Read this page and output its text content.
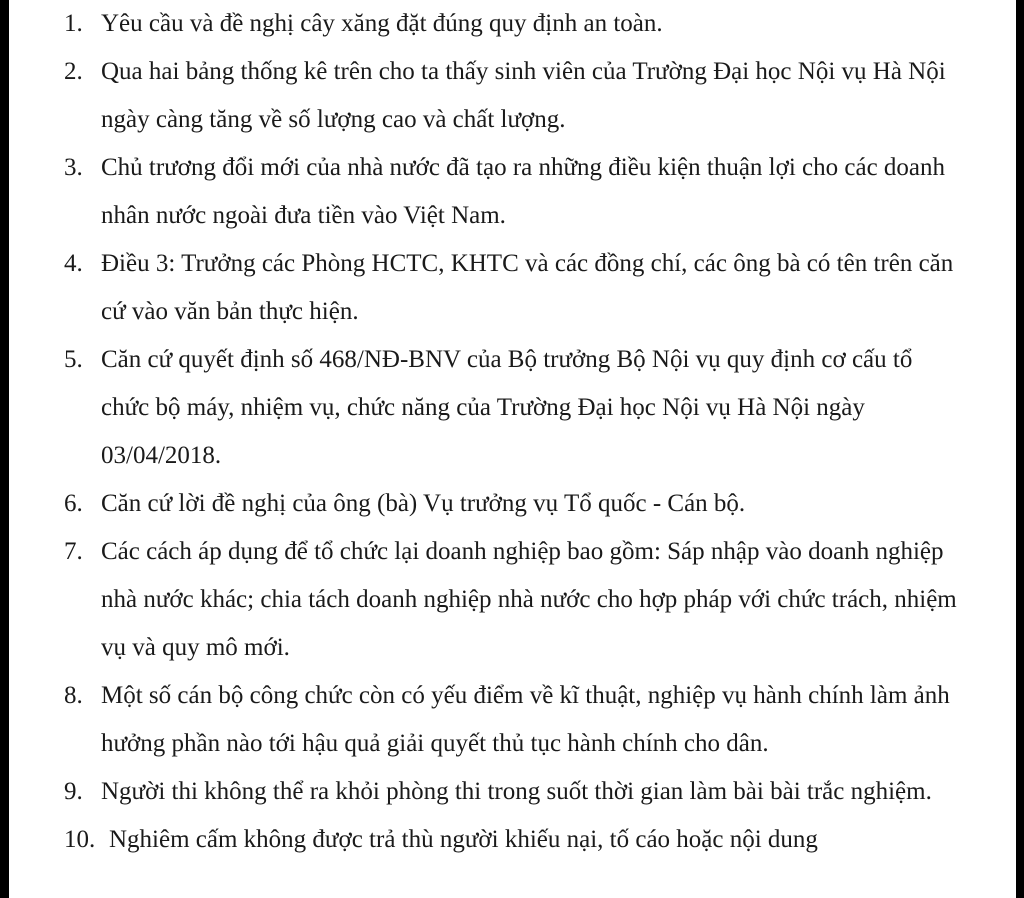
1. Yêu cầu và đề nghị cây xăng đặt đúng quy định an toàn.
2. Qua hai bảng thống kê trên cho ta thấy sinh viên của Trường Đại học Nội vụ Hà Nội ngày càng tăng về số lượng cao và chất lượng.
3. Chủ trương đổi mới của nhà nước đã tạo ra những điều kiện thuận lợi cho các doanh nhân nước ngoài đưa tiền vào Việt Nam.
4. Điều 3: Trưởng các Phòng HCTC, KHTC và các đồng chí, các ông bà có tên trên căn cứ vào văn bản thực hiện.
5. Căn cứ quyết định số 468/NĐ-BNV của Bộ trưởng Bộ Nội vụ quy định cơ cấu tổ chức bộ máy, nhiệm vụ, chức năng của Trường Đại học Nội vụ Hà Nội ngày 03/04/2018.
6. Căn cứ lời đề nghị của ông (bà) Vụ trưởng vụ Tổ quốc - Cán bộ.
7. Các cách áp dụng để tổ chức lại doanh nghiệp bao gồm: Sáp nhập vào doanh nghiệp nhà nước khác; chia tách doanh nghiệp nhà nước cho hợp pháp với chức trách, nhiệm vụ và quy mô mới.
8. Một số cán bộ công chức còn có yếu điểm về kĩ thuật, nghiệp vụ hành chính làm ảnh hưởng phần nào tới hậu quả giải quyết thủ tục hành chính cho dân.
9. Người thi không thể ra khỏi phòng thi trong suốt thời gian làm bài bài trắc nghiệm.
10. Nghiêm cấm không được trả thù người khiếu nại, tố cáo hoặc nội dung
